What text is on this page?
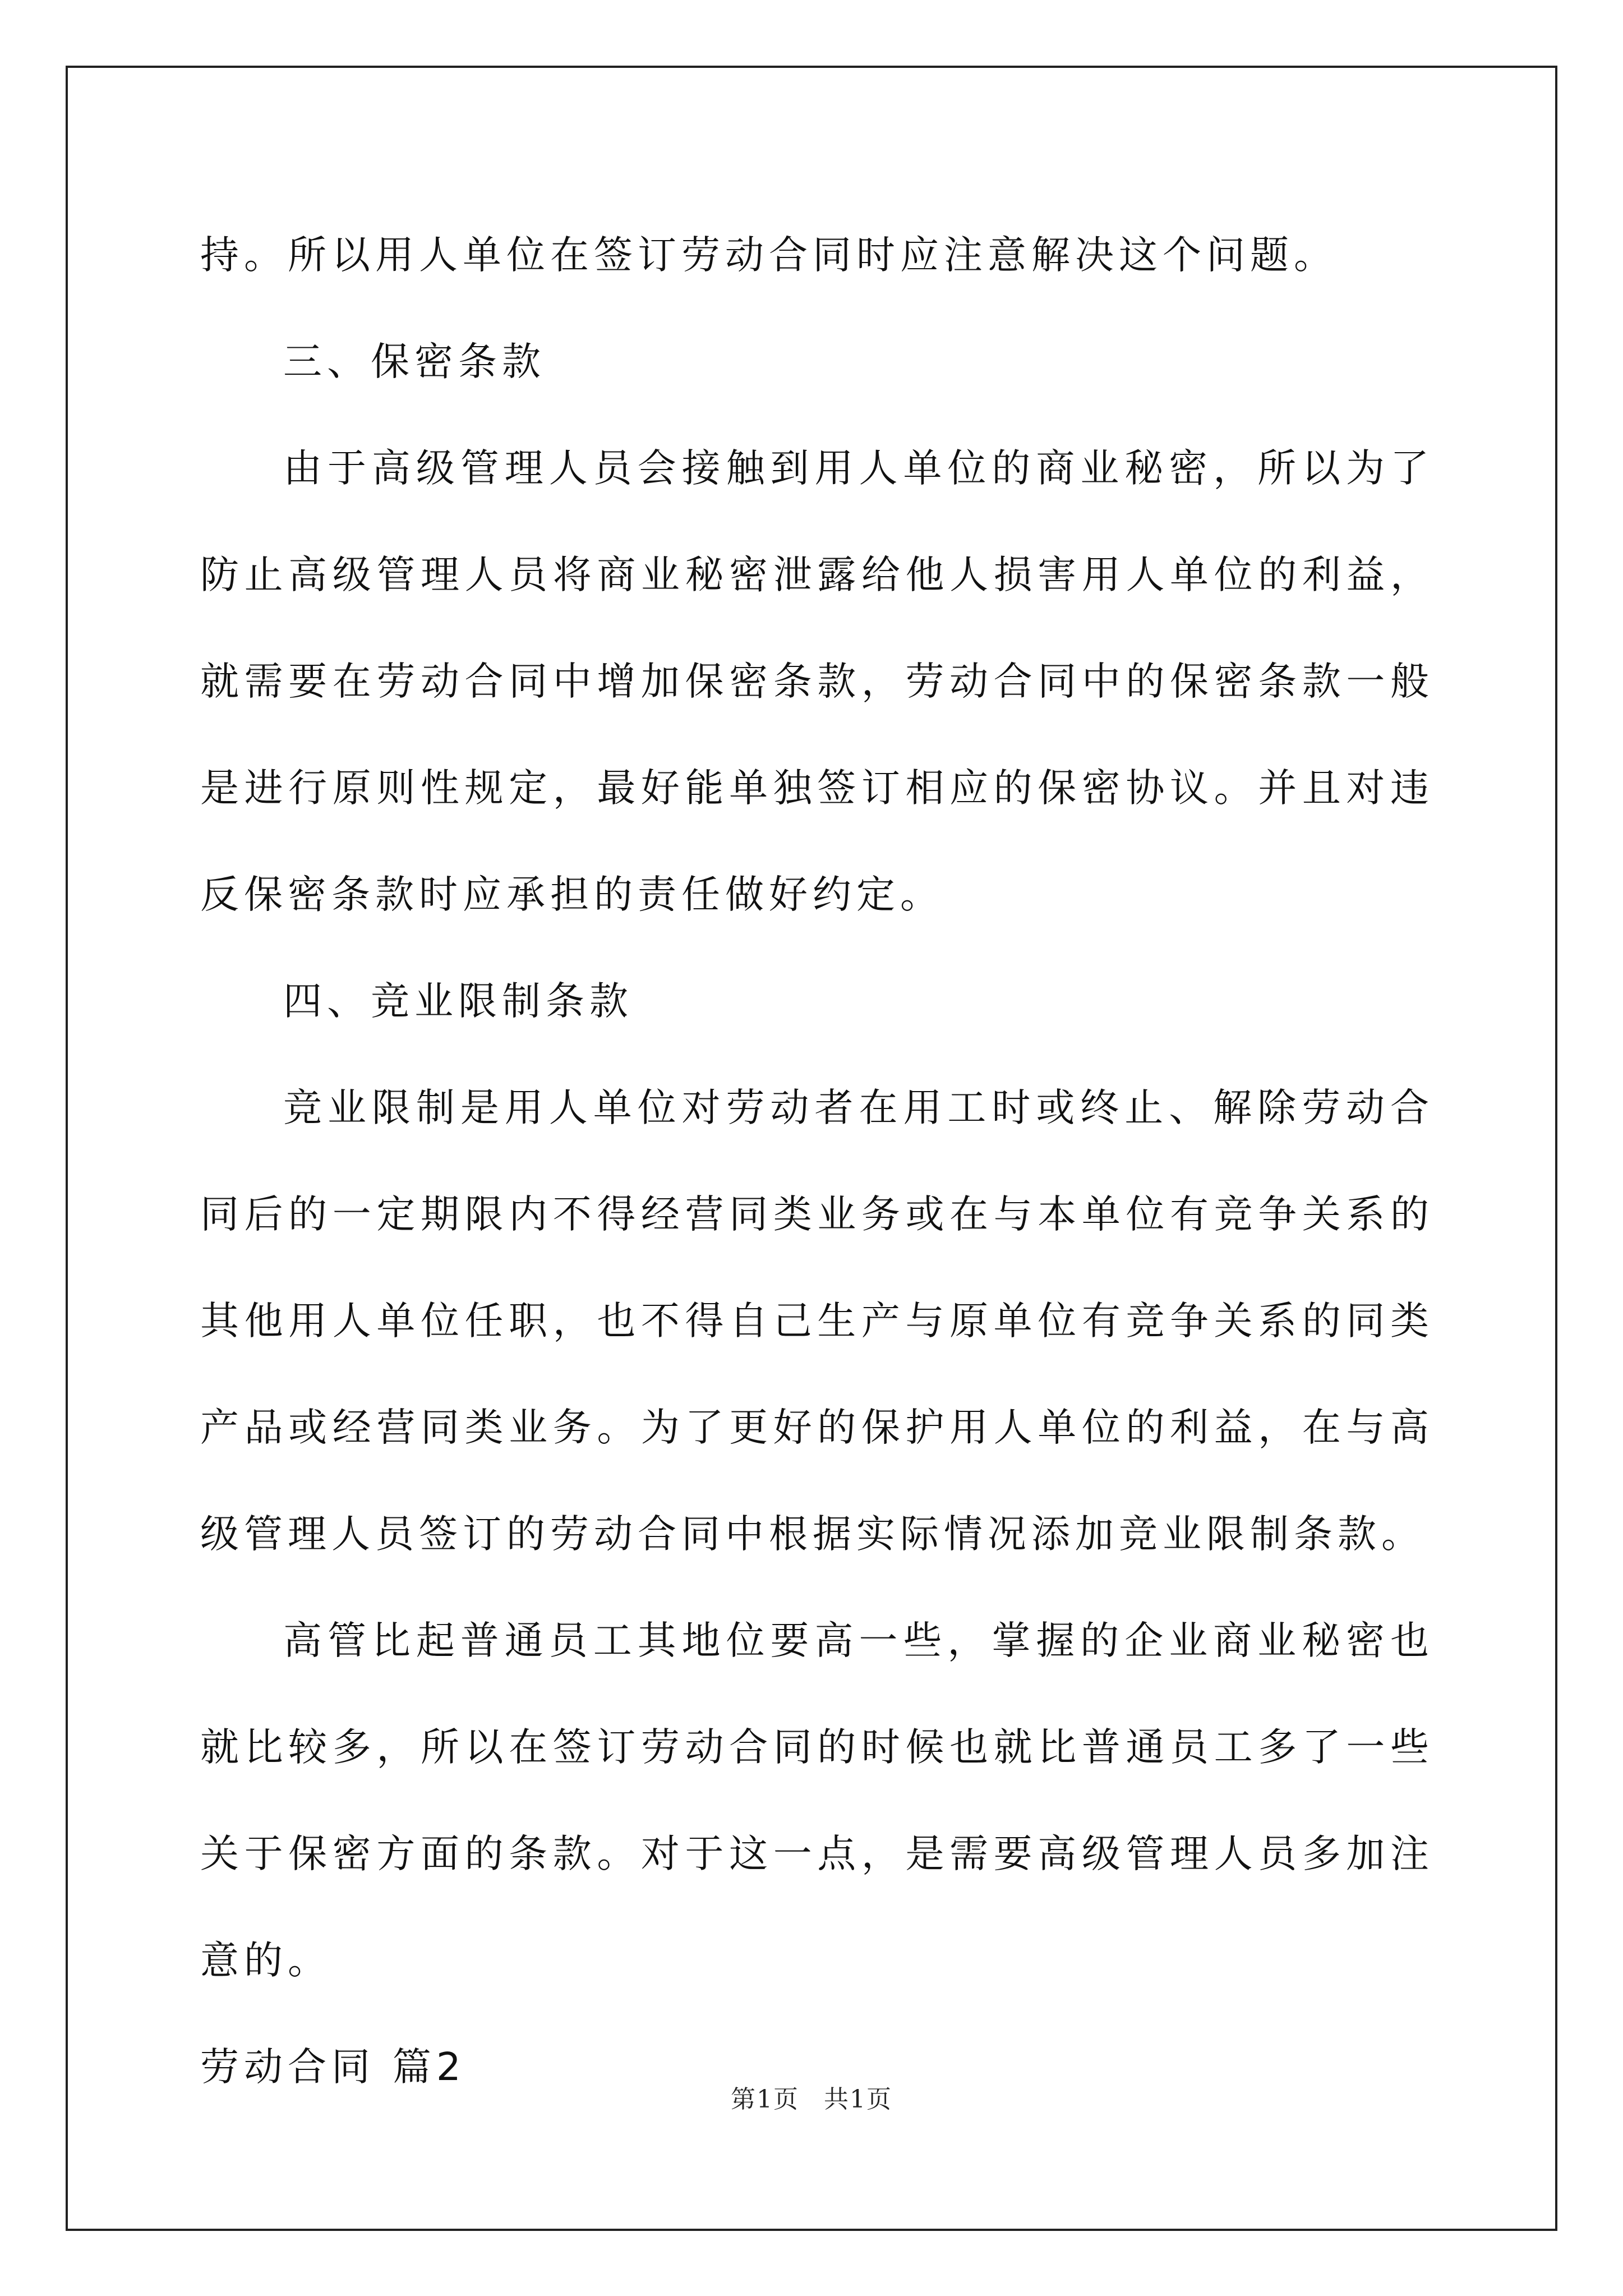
持。所以用人单位在签订劳动合同时应注意解决这个问题。

三、保密条款

由于高级管理人员会接触到用人单位的商业秘密，所以为了防止高级管理人员将商业秘密泄露给他人损害用人单位的利益，就需要在劳动合同中增加保密条款，劳动合同中的保密条款一般是进行原则性规定，最好能单独签订相应的保密协议。并且对违反保密条款时应承担的责任做好约定。

四、竞业限制条款

竞业限制是用人单位对劳动者在用工时或终止、解除劳动合同后的一定期限内不得经营同类业务或在与本单位有竞争关系的其他用人单位任职，也不得自己生产与原单位有竞争关系的同类产品或经营同类业务。为了更好的保护用人单位的利益，在与高级管理人员签订的劳动合同中根据实际情况添加竞业限制条款。

高管比起普通员工其地位要高一些，掌握的企业商业秘密也就比较多，所以在签订劳动合同的时候也就比普通员工多了一些关于保密方面的条款。对于这一点，是需要高级管理人员多加注意的。

劳动合同 篇2

第1页 共1页
